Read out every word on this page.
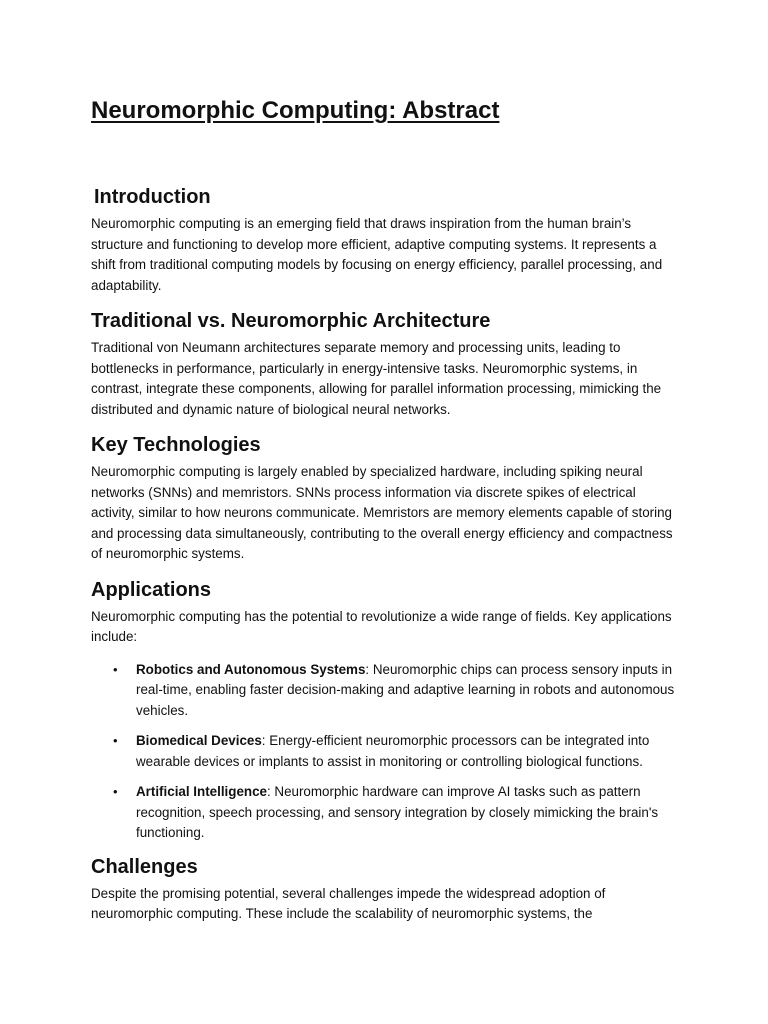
Neuromorphic Computing: Abstract
Introduction

Neuromorphic computing is an emerging field that draws inspiration from the human brain’s structure and functioning to develop more efficient, adaptive computing systems. It represents a shift from traditional computing models by focusing on energy efficiency, parallel processing, and adaptability.

Traditional vs. Neuromorphic Architecture

Traditional von Neumann architectures separate memory and processing units, leading to bottlenecks in performance, particularly in energy-intensive tasks. Neuromorphic systems, in contrast, integrate these components, allowing for parallel information processing, mimicking the distributed and dynamic nature of biological neural networks.

Key Technologies

Neuromorphic computing is largely enabled by specialized hardware, including spiking neural networks (SNNs) and memristors. SNNs process information via discrete spikes of electrical activity, similar to how neurons communicate. Memristors are memory elements capable of storing and processing data simultaneously, contributing to the overall energy efficiency and compactness of neuromorphic systems.

Applications

Neuromorphic computing has the potential to revolutionize a wide range of fields. Key applications include:

• Robotics and Autonomous Systems: Neuromorphic chips can process sensory inputs in real-time, enabling faster decision-making and adaptive learning in robots and autonomous vehicles.
• Biomedical Devices: Energy-efficient neuromorphic processors can be integrated into wearable devices or implants to assist in monitoring or controlling biological functions.
• Artificial Intelligence: Neuromorphic hardware can improve AI tasks such as pattern recognition, speech processing, and sensory integration by closely mimicking the brain's functioning.
Challenges

Despite the promising potential, several challenges impede the widespread adoption of neuromorphic computing. These include the scalability of neuromorphic systems, the
